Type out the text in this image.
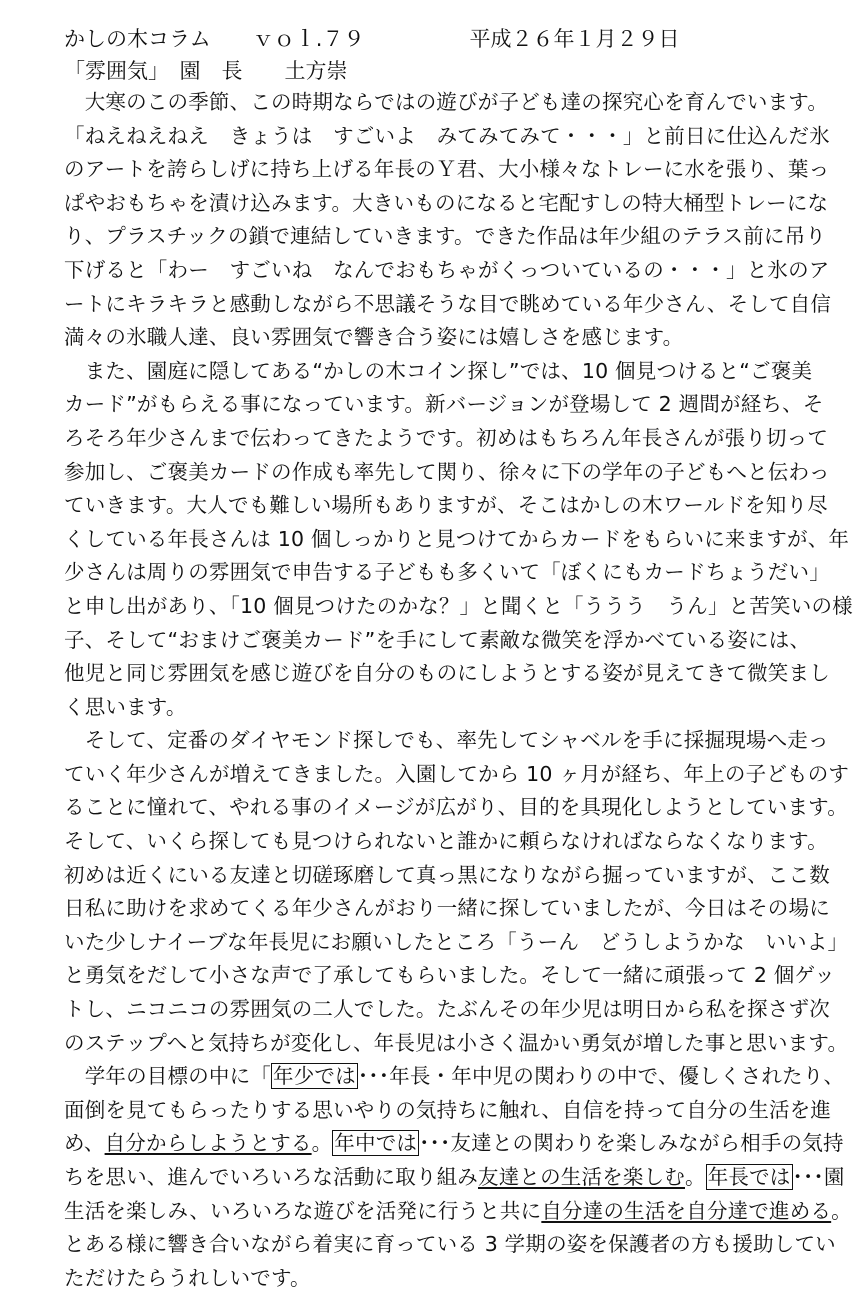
かしの木コラム　　ｖｏｌ.７９　　　　　平成２６年１月２９日
「雰囲気」　園　長　　土方崇
　大寒のこの季節、この時期ならではの遊びが子ども達の探究心を育んでいます。
「ねえねえねえ　きょうは　すごいよ　みてみてみて・・・」と前日に仕込んだ氷
のアートを誇らしげに持ち上げる年長のＹ君、大小様々なトレーに水を張り、葉っ
ぱやおもちゃを漬け込みます。大きいものになると宅配すしの特大桶型トレーにな
り、プラスチックの鎖で連結していきます。できた作品は年少組のテラス前に吊り
下げると「わー　すごいね　なんでおもちゃがくっついているの・・・」と氷のア
ートにキラキラと感動しながら不思議そうな目で眺めている年少さん、そして自信
満々の氷職人達、良い雰囲気で響き合う姿には嬉しさを感じます。
　また、園庭に隠してある“かしの木コイン探し”では、10 個見つけると“ご褒美
カード”がもらえる事になっています。新バージョンが登場して 2 週間が経ち、そ
ろそろ年少さんまで伝わってきたようです。初めはもちろん年長さんが張り切って
参加し、ご褒美カードの作成も率先して関り、徐々に下の学年の子どもへと伝わっ
ていきます。大人でも難しい場所もありますが、そこはかしの木ワールドを知り尽
くしている年長さんは 10 個しっかりと見つけてからカードをもらいに来ますが、年
少さんは周りの雰囲気で申告する子どもも多くいて「ぼくにもカードちょうだい」
と申し出があり、「10 個見つけたのかな？」と聞くと「ううう　うん」と苦笑いの様
子、そして“おまけご褒美カード”を手にして素敵な微笑を浮かべている姿には、
他児と同じ雰囲気を感じ遊びを自分のものにしようとする姿が見えてきて微笑まし
く思います。
　そして、定番のダイヤモンド探しでも、率先してシャベルを手に採掘現場へ走っ
ていく年少さんが増えてきました。入園してから 10 ヶ月が経ち、年上の子どものす
ることに憧れて、やれる事のイメージが広がり、目的を具現化しようとしています。
そして、いくら探しても見つけられないと誰かに頼らなければならなくなります。
初めは近くにいる友達と切磋琢磨して真っ黒になりながら掘っていますが、ここ数
日私に助けを求めてくる年少さんがおり一緒に探していましたが、今日はその場に
いた少しナイーブな年長児にお願いしたところ「うーん　どうしようかな　いいよ」
と勇気をだして小さな声で了承してもらいました。そして一緒に頑張って 2 個ゲッ
トし、ニコニコの雰囲気の二人でした。たぶんその年少児は明日から私を探さず次
のステップへと気持ちが変化し、年長児は小さく温かい勇気が増した事と思います。
　学年の目標の中に「年少では･･･年長・年中児の関わりの中で、優しくされたり、
面倒を見てもらったりする思いやりの気持ちに触れ、自信を持って自分の生活を進
め、自分からしようとする。年中では･･･友達との関わりを楽しみながら相手の気持
ちを思い、進んでいろいろな活動に取り組み友達との生活を楽しむ。年長では･･･園
生活を楽しみ、いろいろな遊びを活発に行うと共に自分達の生活を自分達で進める。
とある様に響き合いながら着実に育っている 3 学期の姿を保護者の方も援助してい
ただけたらうれしいです。
